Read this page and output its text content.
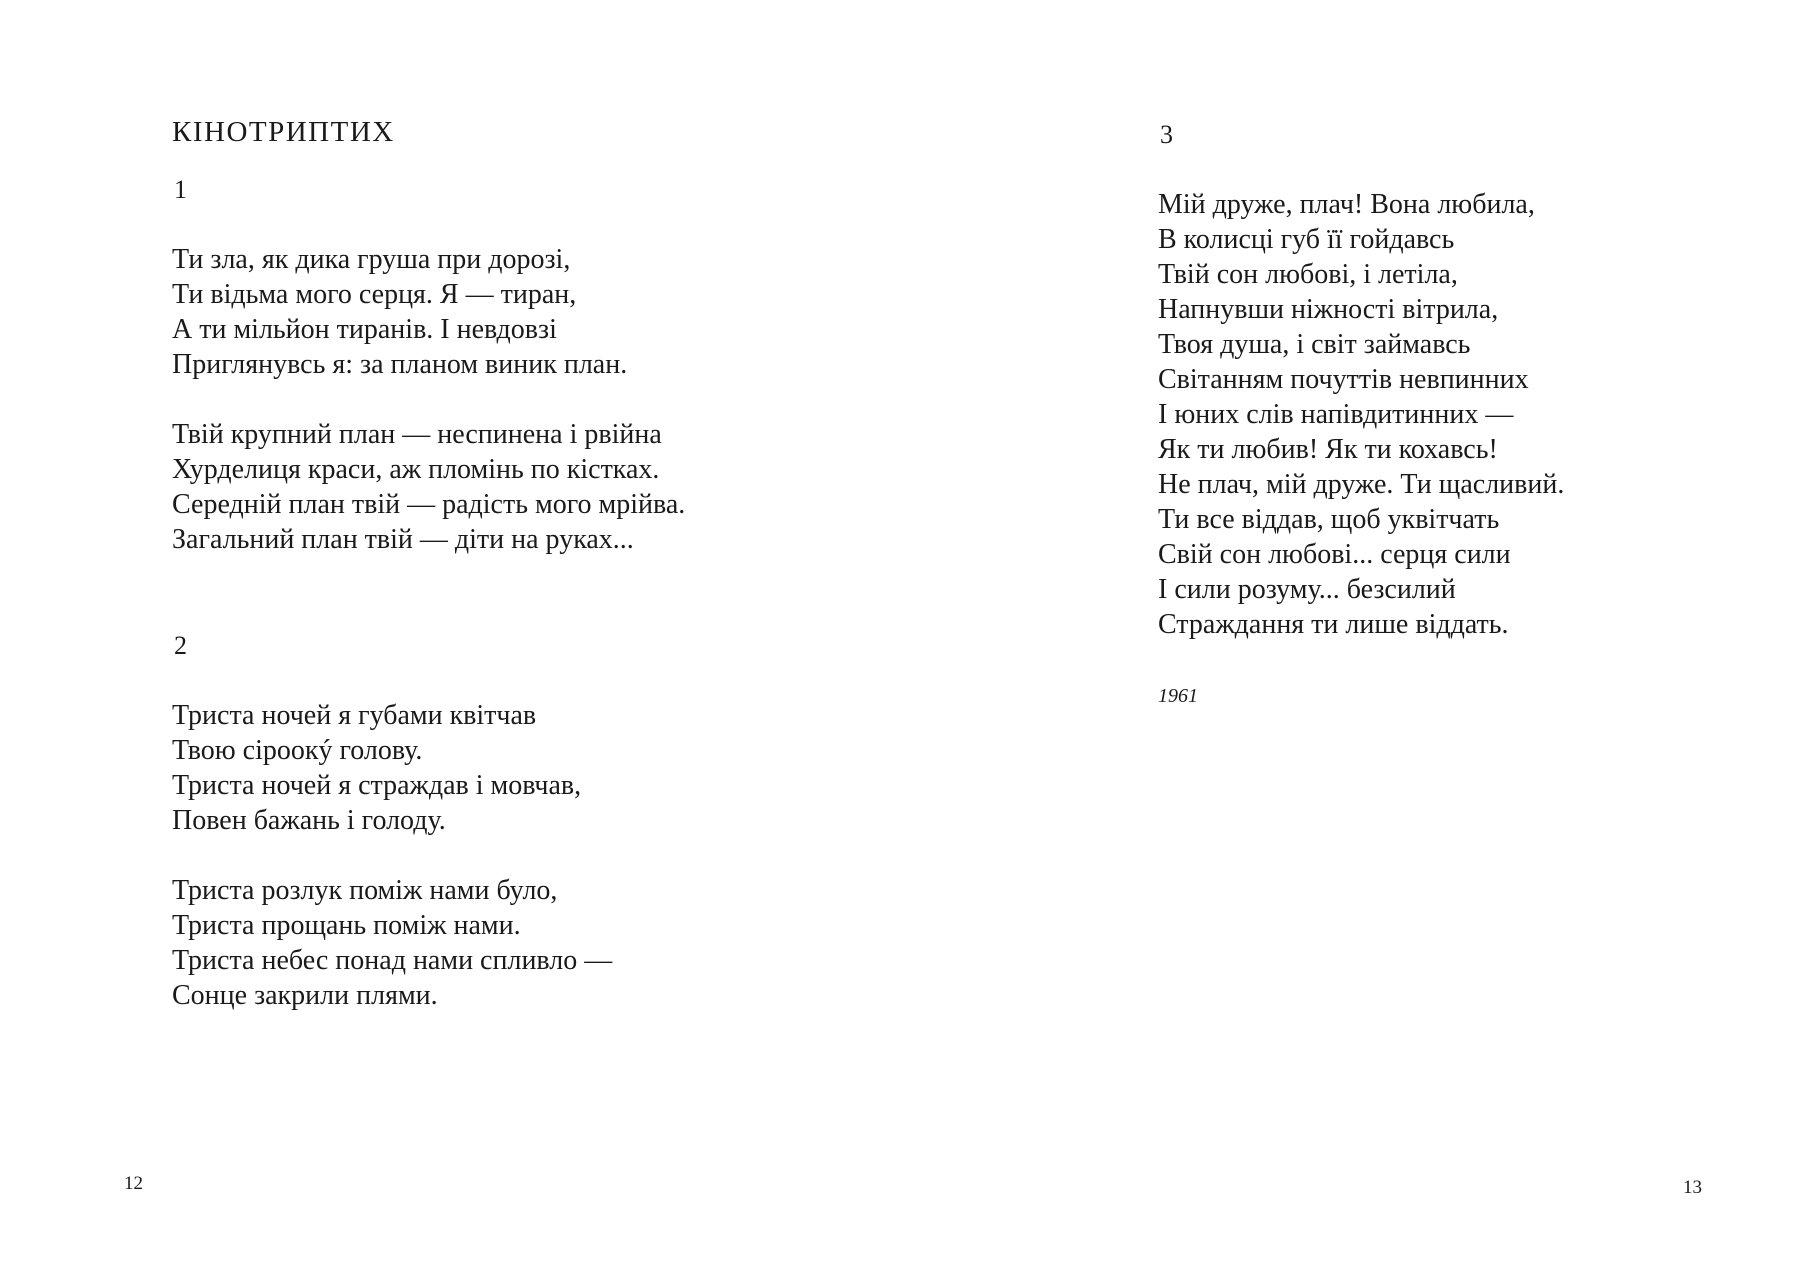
КІНОТРИПТИХ
1
Ти зла, як дика груша при дорозі,
Ти відьма мого серця. Я — тиран,
А ти мільйон тиранів. І невдовзі
Приглянувсь я: за планом виник план.
Твій крупний план — неспинена і рвійна
Хурделиця краси, аж пломінь по кістках.
Середній план твій — радість мого мрійва.
Загальний план твій — діти на руках...
2
Триста ночей я губами квітчав
Твою сіроокý голову.
Триста ночей я страждав і мовчав,
Повен бажань і голоду.
Триста розлук поміж нами було,
Триста прощань поміж нами.
Триста небес понад нами спливло —
Сонце закрили плями.
12
3
Мій друже, плач! Вона любила,
В колисці губ її гойдавсь
Твій сон любові, і летіла,
Напнувши ніжності вітрила,
Твоя душа, і світ займавсь
Світанням почуттів невпинних
І юних слів напівдитинних —
Як ти любив! Як ти кохавсь!
Не плач, мій друже. Ти щасливий.
Ти все віддав, щоб уквітчать
Свій сон любові... серця сили
І сили розуму... безсилий
Страждання ти лише віддать.
1961
13
